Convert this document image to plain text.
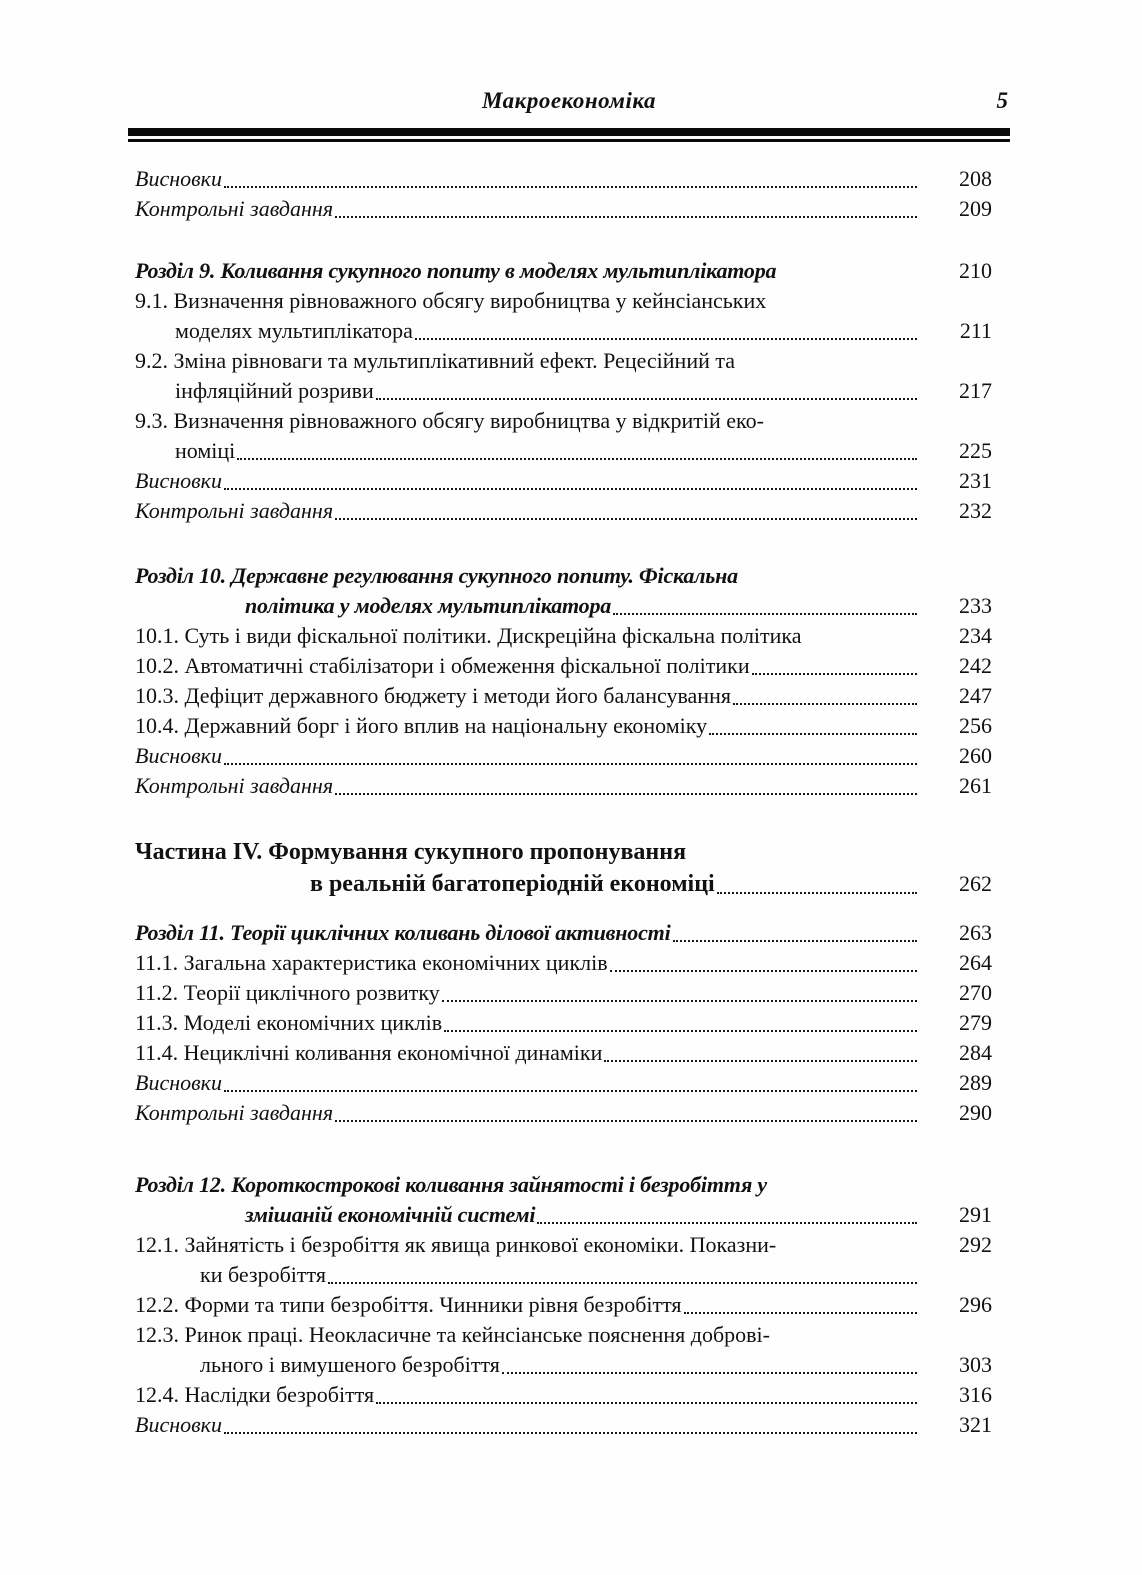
Макроекономіка	5
Висновки	208
Контрольні завдання	209
Розділ 9. Коливання сукупного попиту в моделях мультиплікатора	210
9.1. Визначення рівноважного обсягу виробництва у кейнсіанських
моделях мультиплікатора	211
9.2. Зміна рівноваги та мультиплікативний ефект. Рецесійний та
інфляційний розриви	217
9.3. Визначення рівноважного обсягу виробництва у відкритій еко-
номіці	225
Висновки	231
Контрольні завдання	232
Розділ 10. Державне регулювання сукупного попиту. Фіскальна
політика у моделях мультиплікатора	233
10.1. Суть і види фіскальної політики. Дискреційна фіскальна політика	234
10.2. Автоматичні стабілізатори і обмеження фіскальної політики	242
10.3. Дефіцит державного бюджету і методи його балансування	247
10.4. Державний борг і його вплив на національну економіку	256
Висновки	260
Контрольні завдання	261
Частина IV. Формування сукупного пропонування
в реальній багатоперіодній економіці	262
Розділ 11. Теорії циклічних коливань ділової активності	263
11.1. Загальна характеристика економічних циклів	264
11.2. Теорії циклічного розвитку	270
11.3. Моделі економічних циклів	279
11.4. Нециклічні коливання економічної динаміки	284
Висновки	289
Контрольні завдання	290
Розділ 12. Короткострокові коливання зайнятості і безробіття у
змішаній економічній системі	291
12.1. Зайнятість і безробіття як явища ринкової економіки. Показни-	292
ки безробіття
12.2. Форми та типи безробіття. Чинники рівня безробіття	296
12.3. Ринок праці. Неокласичне та кейнсіанське пояснення доброві-
льного і вимушеного безробіття	303
12.4. Наслідки безробіття	316
Висновки	321
